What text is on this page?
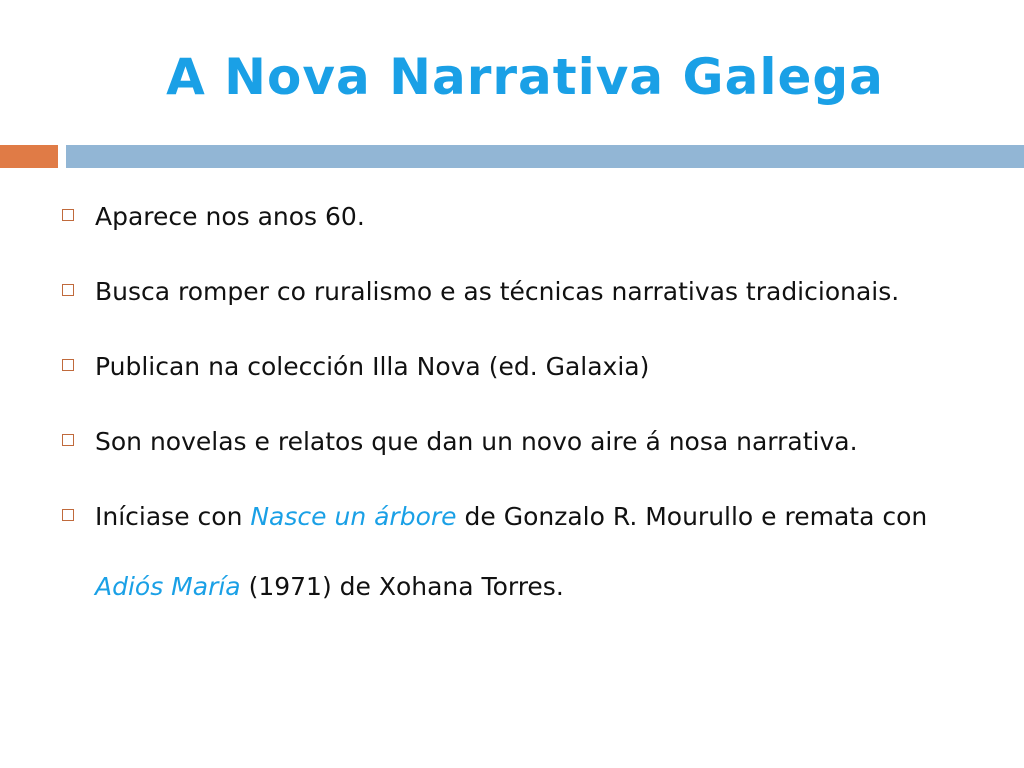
A Nova Narrativa Galega
Aparece nos anos 60.
Busca romper co ruralismo e as técnicas narrativas tradicionais.
Publican na colección Illa Nova (ed. Galaxia)
Son novelas e relatos que dan un novo aire á nosa narrativa.
Iníciase con Nasce un árbore de Gonzalo R. Mourullo e remata con Adiós María (1971) de Xohana Torres.
